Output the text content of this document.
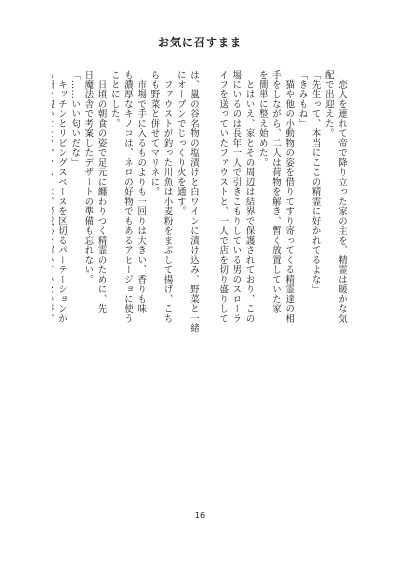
お気に召すまま
　恋人を連れて帝で降り立った家の主を、精霊は暖かな気
配で出迎えた。
「先生って、本当にここの精霊に好かれてるよな」
「きみもね」
　猫や他の小動物の姿を借りてすり寄ってくる精霊達の相
手をしながら、二人は荷物を解き、暫く放置していた家
を簡単に整え始めた。
　とはいえ、家とその周辺は結界で保護されており、この
場にいるのは長年一人で引きこもりしている男のスローラ
イフを送っていたファウストと、一人で店を切り盛りして
は、嵐の谷名物の塩漬けと白ワインに漬け込み、野菜と一緒
にオーブンでじっくり火を通す。
　ファウストが釣った川魚は小麦粉をまぶして揚げ、こち
らも野菜と併せてマリネに。
　市場で手に入るものよりも一回りは大きい、香りも味
も濃厚なキノコは、ネロの好物でもあるアヒージョに使う
ことにした。
　日頃の朝食の姿で足元に纏わりつく精霊のために、先
日魔法舎で考案したデザートの準備も忘れない。
「……いい匂いだな」
　キッチンとリビングスペースを区切るパーテーションか
16
